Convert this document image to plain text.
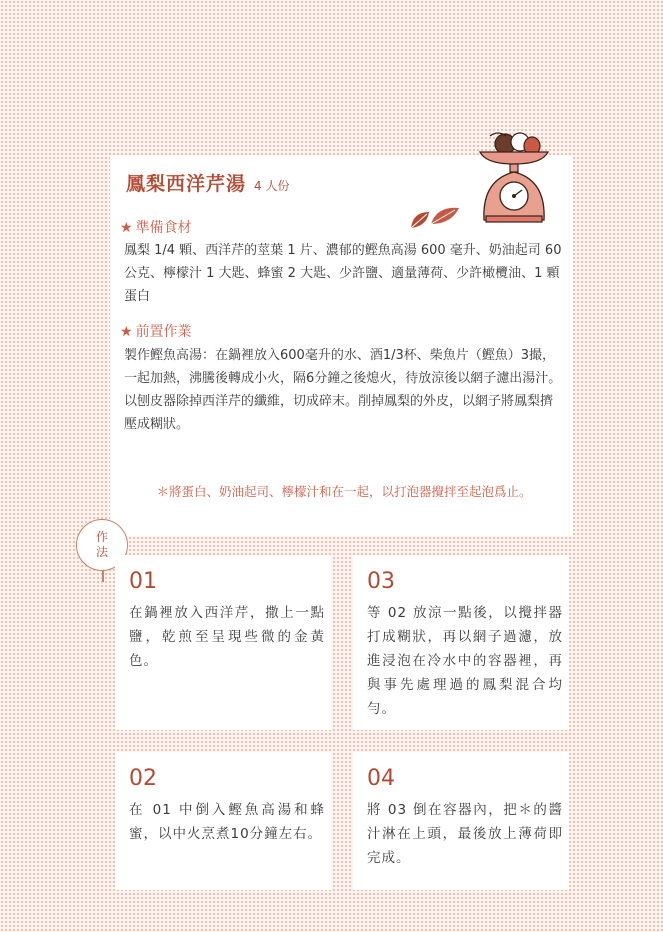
鳳梨西洋芹湯 4 人份
★ 準備食材
鳳梨 1/4 顆、西洋芹的莖葉 1 片、濃郁的鰹魚高湯 600 毫升、奶油起司 60 公克、檸檬汁 1 大匙、蜂蜜 2 大匙、少許鹽、適量薄荷、少許橄欖油、1 顆蛋白
★ 前置作業
製作鰹魚高湯：在鍋裡放入600毫升的水、酒1/3杯、柴魚片（鰹魚）3撮，一起加熱，沸騰後轉成小火，隔6分鐘之後熄火，待放涼後以網子濾出湯汁。
以刨皮器除掉西洋芹的纖維，切成碎末。削掉鳳梨的外皮，以網子將鳳梨擠壓成糊狀。
＊將蛋白、奶油起司、檸檬汁和在一起，以打泡器攪拌至起泡爲止。
作
法
01
在鍋裡放入西洋芹，撒上一點鹽，乾煎至呈現些微的金黃色。
03
等 02 放涼一點後，以攪拌器打成糊狀，再以網子過濾，放進浸泡在冷水中的容器裡，再與事先處理過的鳳梨混合均勻。
02
在 01 中倒入鰹魚高湯和蜂蜜，以中火烹煮10分鐘左右。
04
將 03 倒在容器內，把＊的醬汁淋在上頭，最後放上薄荷即完成。
